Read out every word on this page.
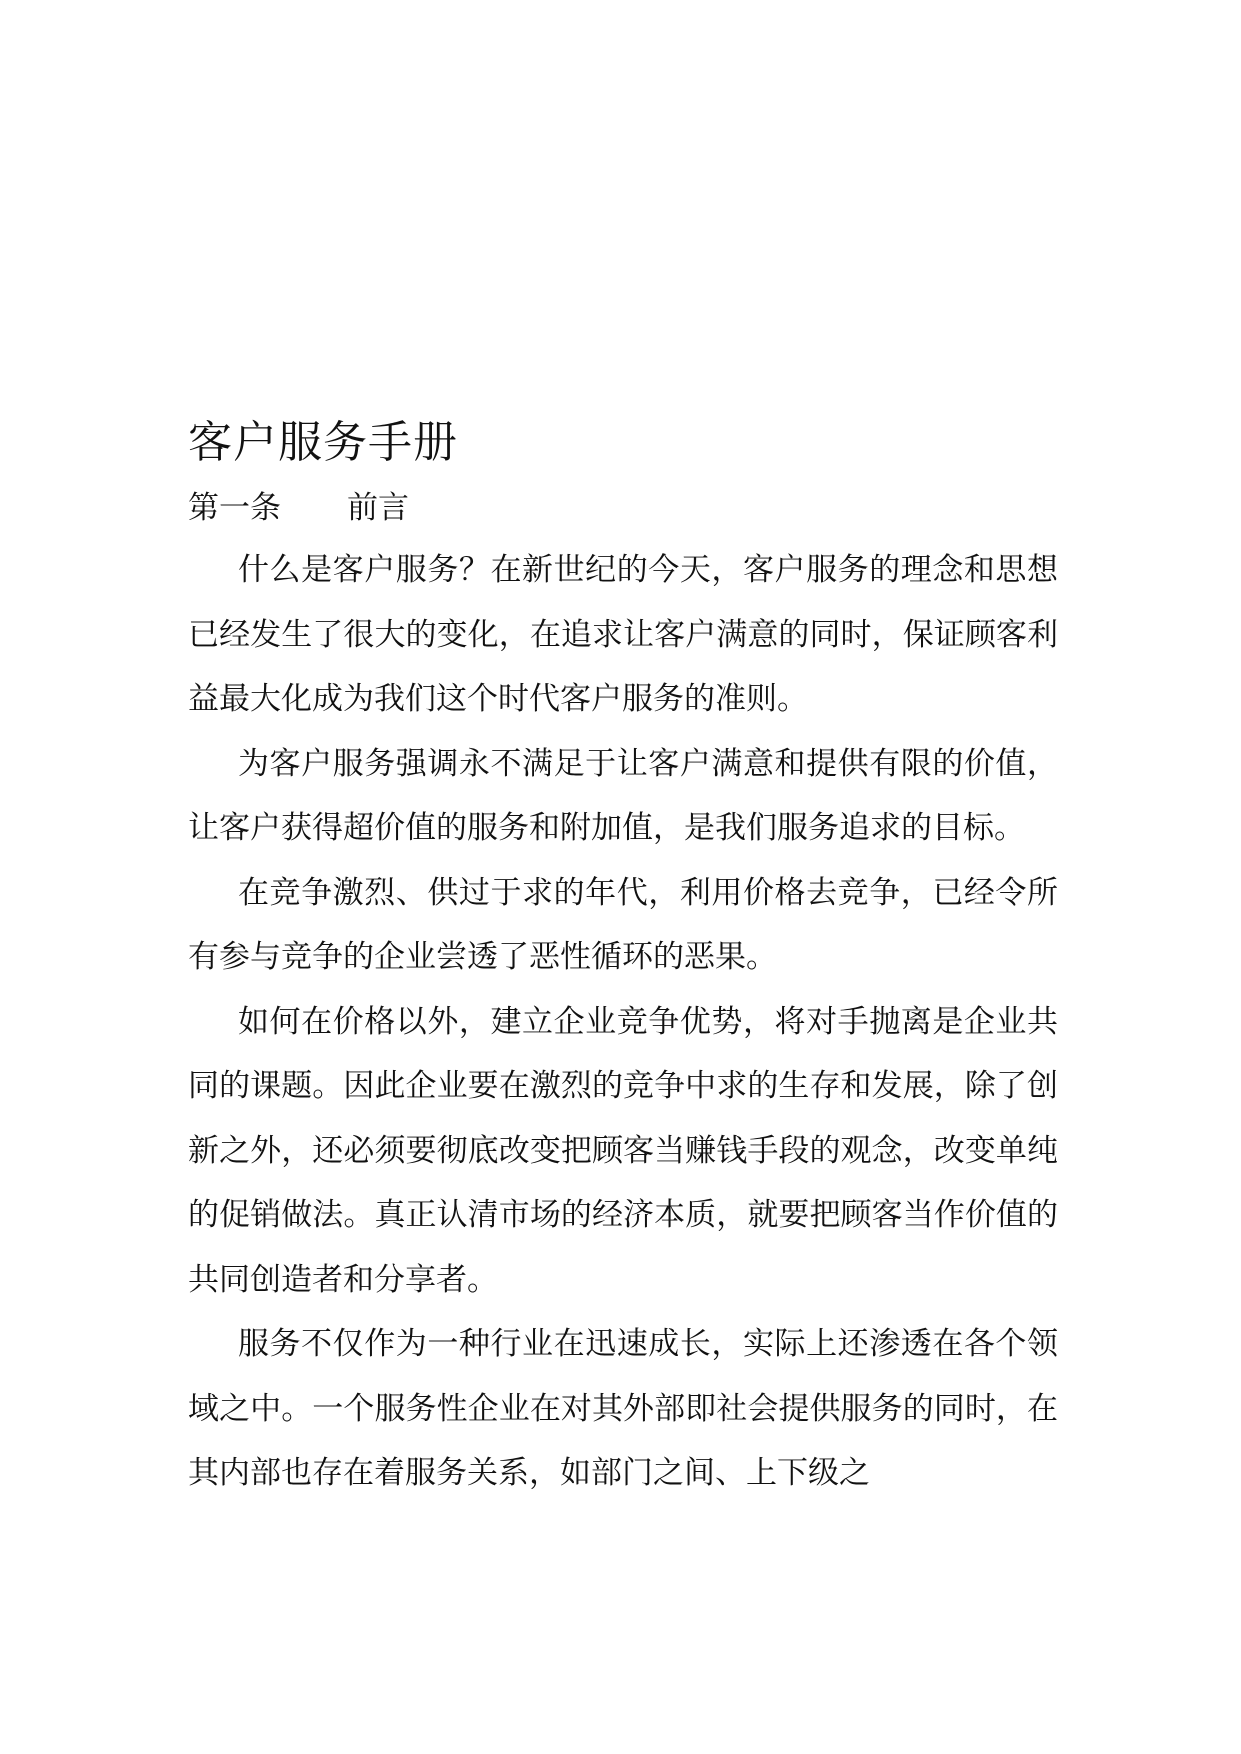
客户服务手册
第一条 前言

什么是客户服务？在新世纪的今天，客户服务的理念和思想已经发生了很大的变化，在追求让客户满意的同时，保证顾客利益最大化成为我们这个时代客户服务的准则。

为客户服务强调永不满足于让客户满意和提供有限的价值，让客户获得超价值的服务和附加值，是我们服务追求的目标。

在竞争激烈、供过于求的年代，利用价格去竞争，已经令所有参与竞争的企业尝透了恶性循环的恶果。

如何在价格以外，建立企业竞争优势，将对手抛离是企业共同的课题。因此企业要在激烈的竞争中求的生存和发展，除了创新之外，还必须要彻底改变把顾客当赚钱手段的观念，改变单纯的促销做法。真正认清市场的经济本质，就要把顾客当作价值的共同创造者和分享者。

服务不仅作为一种行业在迅速成长，实际上还渗透在各个领域之中。一个服务性企业在对其外部即社会提供服务的同时，在其内部也存在着服务关系，如部门之间、上下级之
